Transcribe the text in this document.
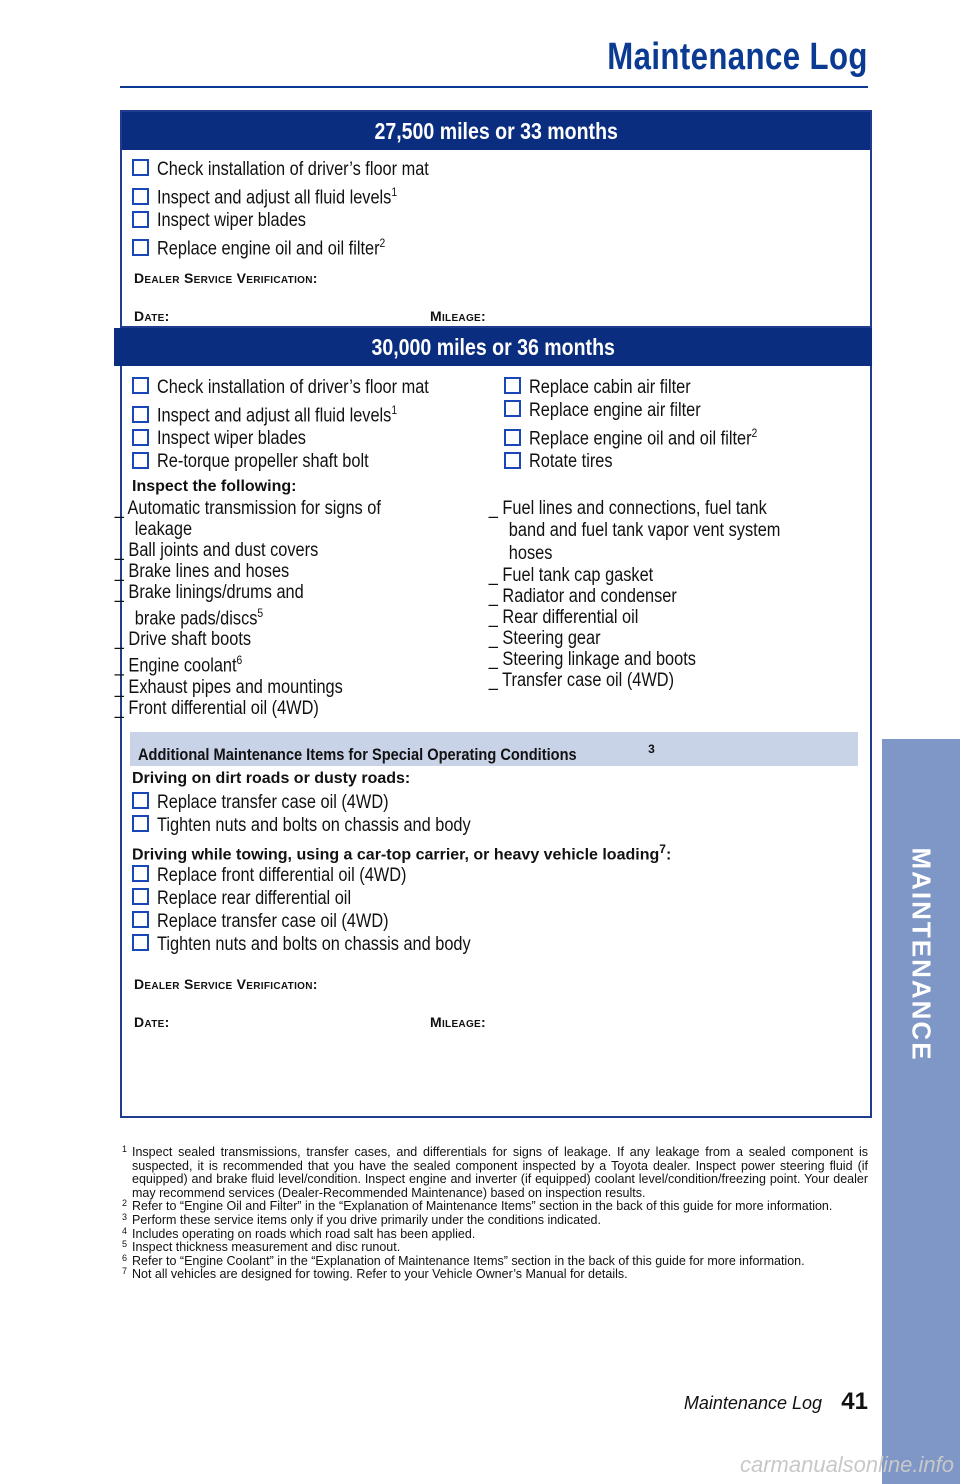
Maintenance Log
27,500 miles or 33 months
Check installation of driver’s floor mat
Inspect and adjust all fluid levels$^1$
Inspect wiper blades
Replace engine oil and oil filter$^2$
Dealer Service Verification:
Date:	Mileage:
30,000 miles or 36 months
Check installation of driver’s floor mat
Inspect and adjust all fluid levels$^1$
Inspect wiper blades
Re-torque propeller shaft bolt
Replace cabin air filter
Replace engine air filter
Replace engine oil and oil filter$^2$
Rotate tires
Inspect the following:
_ Automatic transmission for signs of
leakage
_ Ball joints and dust covers
_ Brake lines and hoses
_ Brake linings/drums and
brake pads/discs$^5$
_ Drive shaft boots
_ Engine coolant$^6$
_ Exhaust pipes and mountings
_ Front differential oil (4WD)
_ Fuel lines and connections, fuel tank
band and fuel tank vapor vent system
hoses
_ Fuel tank cap gasket
_ Radiator and condenser
_ Rear differential oil
_ Steering gear
_ Steering linkage and boots
_ Transfer case oil (4WD)
Additional Maintenance Items for Special Operating Conditions	$^3$
Driving on dirt roads or dusty roads:
Replace transfer case oil (4WD)
Tighten nuts and bolts on chassis and body
Driving while towing, using a car-top carrier, or heavy vehicle loading$^7$:
Replace front differential oil (4WD)
Replace rear differential oil
Replace transfer case oil (4WD)
Tighten nuts and bolts on chassis and body
Dealer Service Verification:
Date:	Mileage:
1 Inspect sealed transmissions, transfer cases, and differentials for signs of leakage. If any leakage from a sealed component is suspected, it is recommended that you have the sealed component inspected by a Toyota dealer. Inspect power steering fluid (if equipped) and brake fluid level/condition. Inspect engine and inverter (if equipped) coolant level/condition/freezing point. Your dealer may recommend services (Dealer-Recommended Maintenance) based on inspection results.
2 Refer to “Engine Oil and Filter” in the “Explanation of Maintenance Items” section in the back of this guide for more information.
3 Perform these service items only if you drive primarily under the conditions indicated.
4 Includes operating on roads which road salt has been applied.
5 Inspect thickness measurement and disc runout.
6 Refer to “Engine Coolant” in the “Explanation of Maintenance Items” section in the back of this guide for more information.
7 Not all vehicles are designed for towing. Refer to your Vehicle Owner’s Manual for details.
Maintenance Log 41
MAINTENANCE
carmanualsonline.info
